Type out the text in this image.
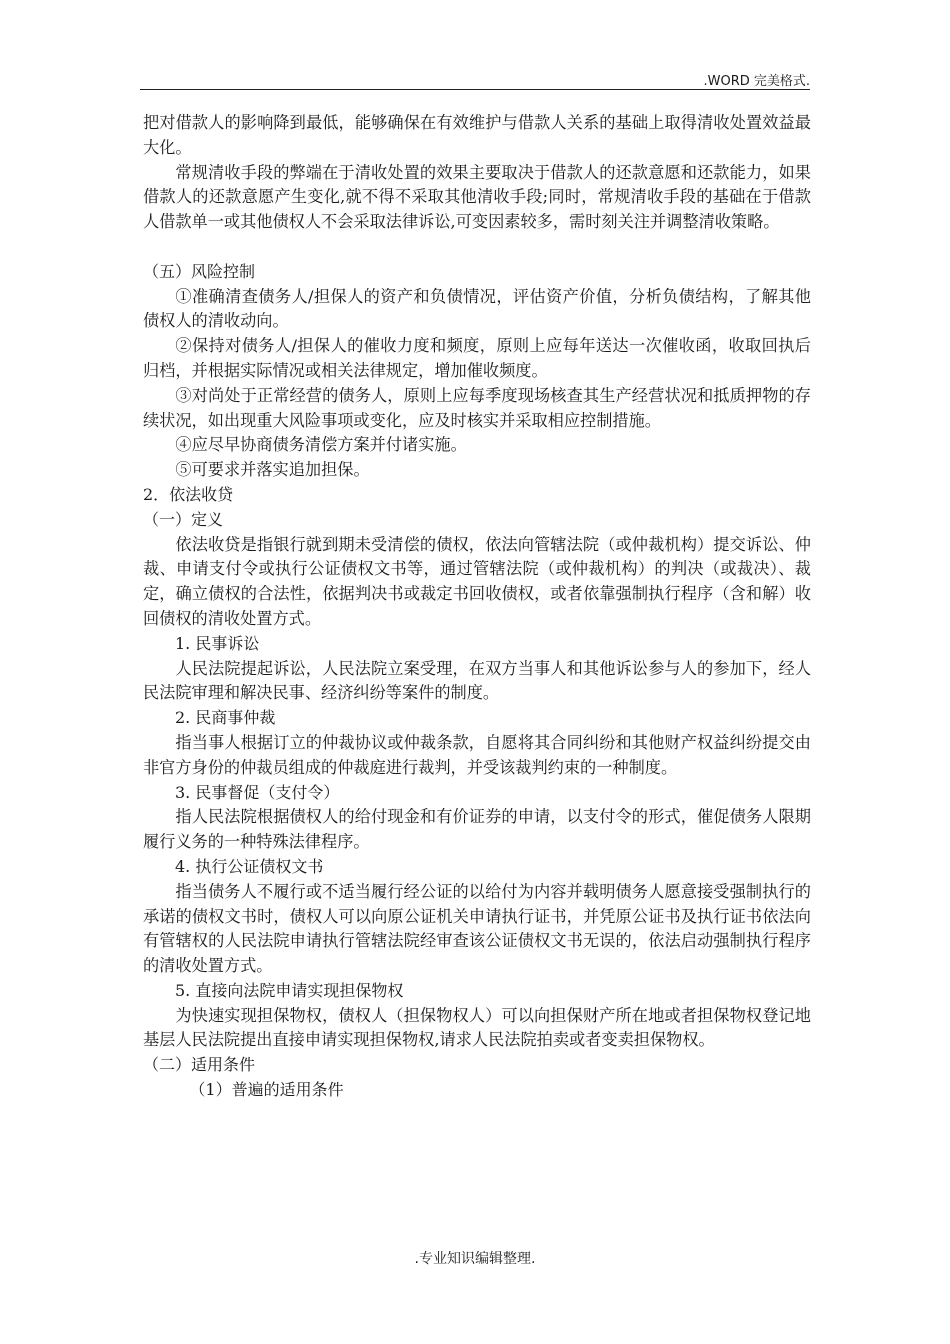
.WORD 完美格式.

把对借款人的影响降到最低，能够确保在有效维护与借款人关系的基础上取得清收处置效益最大化。

常规清收手段的弊端在于清收处置的效果主要取决于借款人的还款意愿和还款能力，如果借款人的还款意愿产生变化,就不得不采取其他清收手段;同时，常规清收手段的基础在于借款人借款单一或其他债权人不会采取法律诉讼,可变因素较多，需时刻关注并调整清收策略。

（五）风险控制

①准确清查债务人/担保人的资产和负债情况，评估资产价值，分析负债结构，了解其他债权人的清收动向。

②保持对债务人/担保人的催收力度和频度，原则上应每年送达一次催收函，收取回执后归档，并根据实际情况或相关法律规定，增加催收频度。

③对尚处于正常经营的债务人，原则上应每季度现场核查其生产经营状况和抵质押物的存续状况，如出现重大风险事项或变化，应及时核实并采取相应控制措施。

④应尽早协商债务清偿方案并付诸实施。

⑤可要求并落实追加担保。

2．依法收贷

（一）定义

依法收贷是指银行就到期未受清偿的债权，依法向管辖法院（或仲裁机构）提交诉讼、仲裁、申请支付令或执行公证债权文书等，通过管辖法院（或仲裁机构）的判决（或裁决）、裁定，确立债权的合法性，依据判决书或裁定书回收债权，或者依靠强制执行程序（含和解）收回债权的清收处置方式。

1. 民事诉讼

人民法院提起诉讼，人民法院立案受理，在双方当事人和其他诉讼参与人的参加下，经人民法院审理和解决民事、经济纠纷等案件的制度。

2. 民商事仲裁

指当事人根据订立的仲裁协议或仲裁条款，自愿将其合同纠纷和其他财产权益纠纷提交由非官方身份的仲裁员组成的仲裁庭进行裁判，并受该裁判约束的一种制度。

3. 民事督促（支付令）

指人民法院根据债权人的给付现金和有价证券的申请，以支付令的形式，催促债务人限期履行义务的一种特殊法律程序。

4. 执行公证债权文书

指当债务人不履行或不适当履行经公证的以给付为内容并载明债务人愿意接受强制执行的承诺的债权文书时，债权人可以向原公证机关申请执行证书，并凭原公证书及执行证书依法向有管辖权的人民法院申请执行管辖法院经审查该公证债权文书无误的，依法启动强制执行程序的清收处置方式。

5. 直接向法院申请实现担保物权

为快速实现担保物权，债权人（担保物权人）可以向担保财产所在地或者担保物权登记地基层人民法院提出直接申请实现担保物权,请求人民法院拍卖或者变卖担保物权。

（二）适用条件

（1）普遍的适用条件

.专业知识编辑整理.
